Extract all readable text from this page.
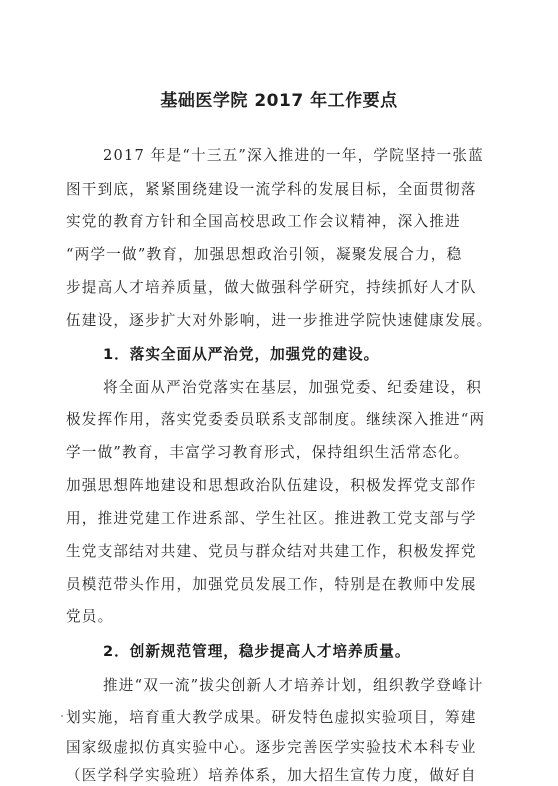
基础医学院 2017 年工作要点
2017 年是“十三五”深入推进的一年，学院坚持一张蓝
图干到底，紧紧围绕建设一流学科的发展目标，全面贯彻落
实党的教育方针和全国高校思政工作会议精神，深入推进
“两学一做”教育，加强思想政治引领，凝聚发展合力，稳
步提高人才培养质量，做大做强科学研究，持续抓好人才队
伍建设，逐步扩大对外影响，进一步推进学院快速健康发展。
1．落实全面从严治党，加强党的建设。
将全面从严治党落实在基层，加强党委、纪委建设，积
极发挥作用，落实党委委员联系支部制度。继续深入推进“两
学一做”教育，丰富学习教育形式，保持组织生活常态化。
加强思想阵地建设和思想政治队伍建设，积极发挥党支部作
用，推进党建工作进系部、学生社区。推进教工党支部与学
生党支部结对共建、党员与群众结对共建工作，积极发挥党
员模范带头作用，加强党员发展工作，特别是在教师中发展
党员。
2．创新规范管理，稳步提高人才培养质量。
推进“双一流”拔尖创新人才培养计划，组织教学登峰计
划实施，培育重大教学成果。研发特色虚拟实验项目，筹建
国家级虚拟仿真实验中心。逐步完善医学实验技术本科专业
（医学科学实验班）培养体系，加大招生宣传力度，做好自
